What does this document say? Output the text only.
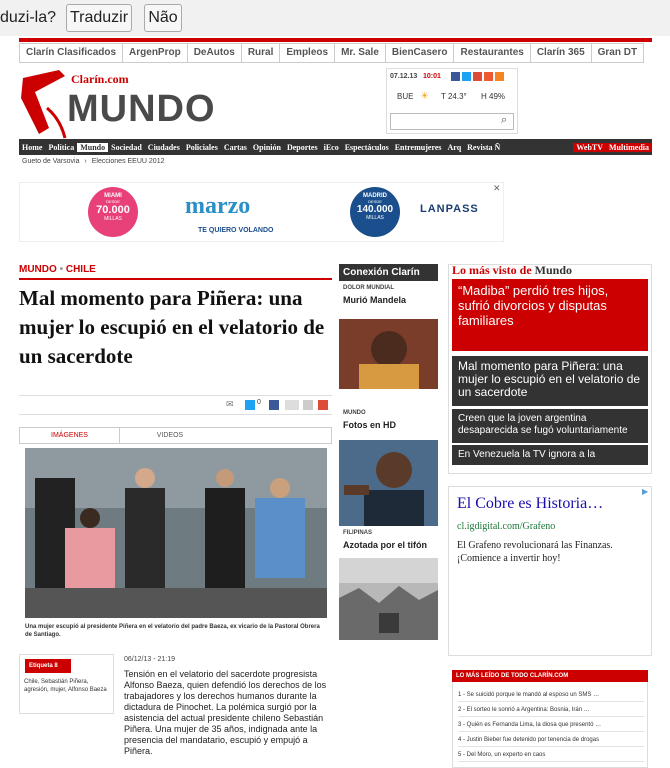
duzi-la? Traduzir Não
Clarín Clasificados	ArgenProp	DeAutos	Rural	Empleos	Mr. Sale	BienCasero	Restaurantes	Clarín 365	Gran DT
Clarín.com
MUNDO
07.12.13 10:01
BUE ☀ T 24.3° H 49%
⌕
Home Política Mundo Sociedad Ciudades Policiales Cartas Opinión Deportes iEco Espectáculos Entremujeres Arq Revista Ñ	WebTV Multimedia
Gueto de Varsovia › Elecciones EEUU 2012
MIAMI
DESDE
70.000
MILLAS	marzo
TE QUIERO VOLANDO
MADRID
DESDE
140.000
MILLAS
LANPASS
✕
MUNDO • CHILE
Mal momento para Piñera: una mujer lo escupió en el velatorio de un sacerdote
✉	0
IMÁGENES	VIDEOS
Una mujer escupió al presidente Piñera en el velatorio del padre Baeza, ex vicario de la Pastoral Obrera de Santiago.
Etiqueta 8
Chile, Sebastián Piñera, agresión, mujer, Alfonso Baeza
06/12/13 - 21:19
Tensión en el velatorio del sacerdote progresista Alfonso Baeza, quien defendió los derechos de los trabajadores y los derechos humanos durante la dictadura de Pinochet. La polémica surgió por la asistencia del actual presidente chileno Sebastián Piñera. Una mujer de 35 años, indignada ante la presencia del mandatario, escupió y empujó a Piñera.
Conexión Clarín
DOLOR MUNDIAL
Murió Mandela
MUNDO
Fotos en HD
FILIPINAS
Azotada por el tifón
Lo más visto de Mundo
“Madiba” perdió tres hijos, sufrió divorcios y disputas familiares
Mal momento para Piñera: una mujer lo escupió en el velatorio de un sacerdote
Creen que la joven argentina desaparecida se fugó voluntariamente
En Venezuela la TV ignora a la
El Cobre es Historia…
cl.igdigital.com/Grafeno
El Grafeno revolucionará las Finanzas. ¡Comience a invertir hoy!
▶
LO MÁS LEÍDO DE TODO CLARÍN.COM
1 - Se suicidó porque le mandó al esposo un SMS …
2 - El sorteo le sonrió a Argentina: Bosnia, Irán …
3 - Quién es Fernanda Lima, la diosa que presentó …
4 - Justin Bieber fue detenido por tenencia de drogas
5 - Del Moro, un experto en caos
